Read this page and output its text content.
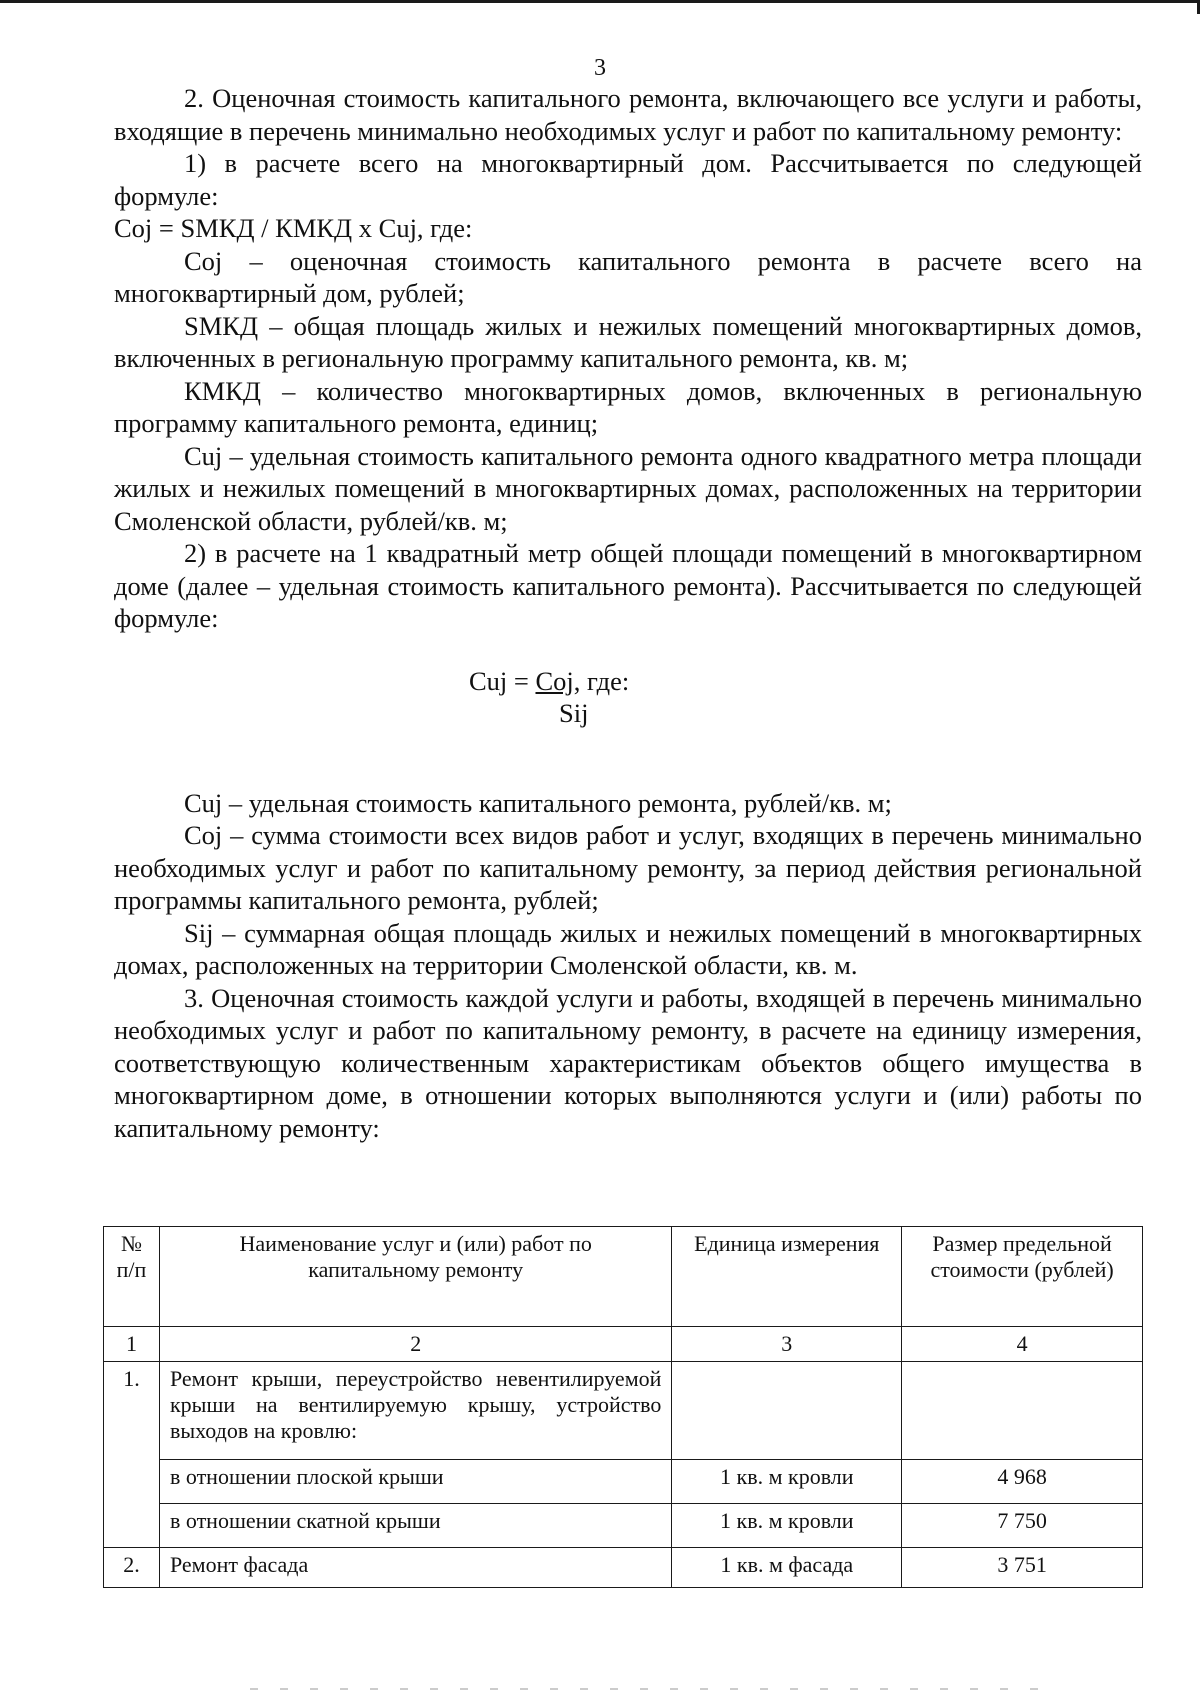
3

2. Оценочная стоимость капитального ремонта, включающего все услуги и работы, входящие в перечень минимально необходимых услуг и работ по капитальному ремонту:

1) в расчете всего на многоквартирный дом. Рассчитывается по следующей формуле:

Coj = SМКД / КМКД х Cuj, где:

Coj – оценочная стоимость капитального ремонта в расчете всего на многоквартирный дом, рублей;

SМКД – общая площадь жилых и нежилых помещений многоквартирных домов, включенных в региональную программу капитального ремонта, кв. м;

КМКД – количество многоквартирных домов, включенных в региональную программу капитального ремонта, единиц;

Cuj – удельная стоимость капитального ремонта одного квадратного метра площади жилых и нежилых помещений в многоквартирных домах, расположенных на территории Смоленской области, рублей/кв. м;

2) в расчете на 1 квадратный метр общей площади помещений в многоквартирном доме (далее – удельная стоимость капитального ремонта). Рассчитывается по следующей формуле:

Cuj = Coj, где:
Sij

Cuj – удельная стоимость капитального ремонта, рублей/кв. м;

Coj – сумма стоимости всех видов работ и услуг, входящих в перечень минимально необходимых услуг и работ по капитальному ремонту, за период действия региональной программы капитального ремонта, рублей;

Sij – суммарная общая площадь жилых и нежилых помещений в многоквартирных домах, расположенных на территории Смоленской области, кв. м.

3. Оценочная стоимость каждой услуги и работы, входящей в перечень минимально необходимых услуг и работ по капитальному ремонту, в расчете на единицу измерения, соответствующую количественным характеристикам объектов общего имущества в многоквартирном доме, в отношении которых выполняются услуги и (или) работы по капитальному ремонту:

№ п/п	Наименование услуг и (или) работ по капитальному ремонту	Единица измерения	Размер предельной стоимости (рублей)
1	2	3	4
1.	Ремонт крыши, переустройство невентилируемой крыши на вентилируемую крышу, устройство выходов на кровлю:		
	в отношении плоской крыши	1 кв. м кровли	4 968
	в отношении скатной крыши	1 кв. м кровли	7 750
2.	Ремонт фасада	1 кв. м фасада	3 751
